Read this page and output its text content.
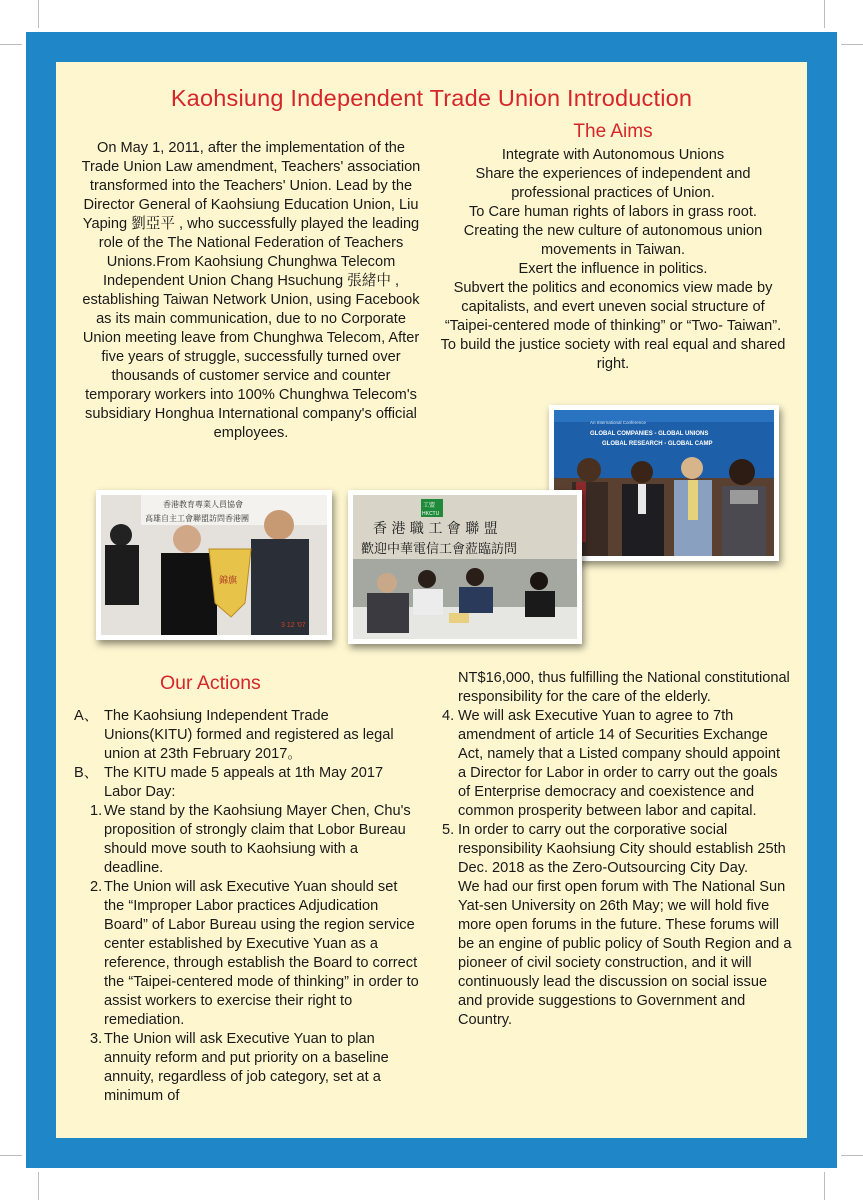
Kaohsiung Independent Trade Union Introduction
On May 1, 2011, after the implementation of the Trade Union Law amendment, Teachers' association transformed into the Teachers' Union. Lead by the Director General of Kaohsiung Education Union, Liu Yaping 劉亞平 , who successfully played the leading role of the The National Federation of Teachers Unions.From Kaohsiung Chunghwa Telecom Independent Union Chang Hsuchung 張緒中 , establishing Taiwan Network Union, using Facebook as its main communication, due to no Corporate Union meeting leave from Chunghwa Telecom, After five years of struggle, successfully turned over thousands of customer service and counter temporary workers into 100% Chunghwa Telecom's subsidiary Honghua International company's official employees.
The Aims
Integrate with Autonomous Unions
Share the experiences of independent and professional practices of Union.
To Care human rights of labors in grass root.
Creating the new culture of autonomous union movements in Taiwan.
Exert the influence in politics.
Subvert the politics and economics view made by capitalists, and evert uneven social structure of “Taipei-centered mode of thinking” or “Two- Taiwan”.
To build the justice society with real equal and shared right.
An International Conference
GLOBAL COMPANIES - GLOBAL UNIONS
GLOBAL RESEARCH - GLOBAL CAMP
香港教育專業人員協會
高雄自主工會聯盟訪問香港團
錦旗
3 12 '07
工盟
HKCTU
香 港 職 工 會 聯 盟
歡迎中華電信工會蒞臨訪問
Our Actions
A、 The Kaohsiung Independent Trade Unions(KITU) formed and registered as legal union at 23th February 2017。
B、 The KITU made 5 appeals at 1th May 2017 Labor Day:
1. We stand by the Kaohsiung Mayer Chen, Chu's proposition of strongly claim that Lobor Bureau should move south to Kaohsiung with a deadline.
2. The Union will ask Executive Yuan should set the “Improper Labor practices Adjudication Board” of Labor Bureau using the region service center established by Executive Yuan as a reference, through establish the Board to correct the “Taipei-centered mode of thinking” in order to assist workers to exercise their right to remediation.
3. The Union will ask Executive Yuan to plan annuity reform and put priority on a baseline annuity, regardless of job category, set at a minimum of
NT$16,000, thus fulfilling the National constitutional responsibility for the care of the elderly.
4. We will ask Executive Yuan to agree to 7th amendment of article 14 of Securities Exchange Act, namely that a Listed company should appoint a Director for Labor in order to carry out the goals of Enterprise democracy and coexistence and common prosperity between labor and capital.
5. In order to carry out the corporative social responsibility Kaohsiung City should establish 25th Dec. 2018 as the Zero-Outsourcing City Day.
We had our first open forum with The National Sun Yat-sen University on 26th May; we will hold five more open forums in the future. These forums will be an engine of public policy of South Region and a pioneer of civil society construction, and it will continuously lead the discussion on social issue and provide suggestions to Government and Country.
